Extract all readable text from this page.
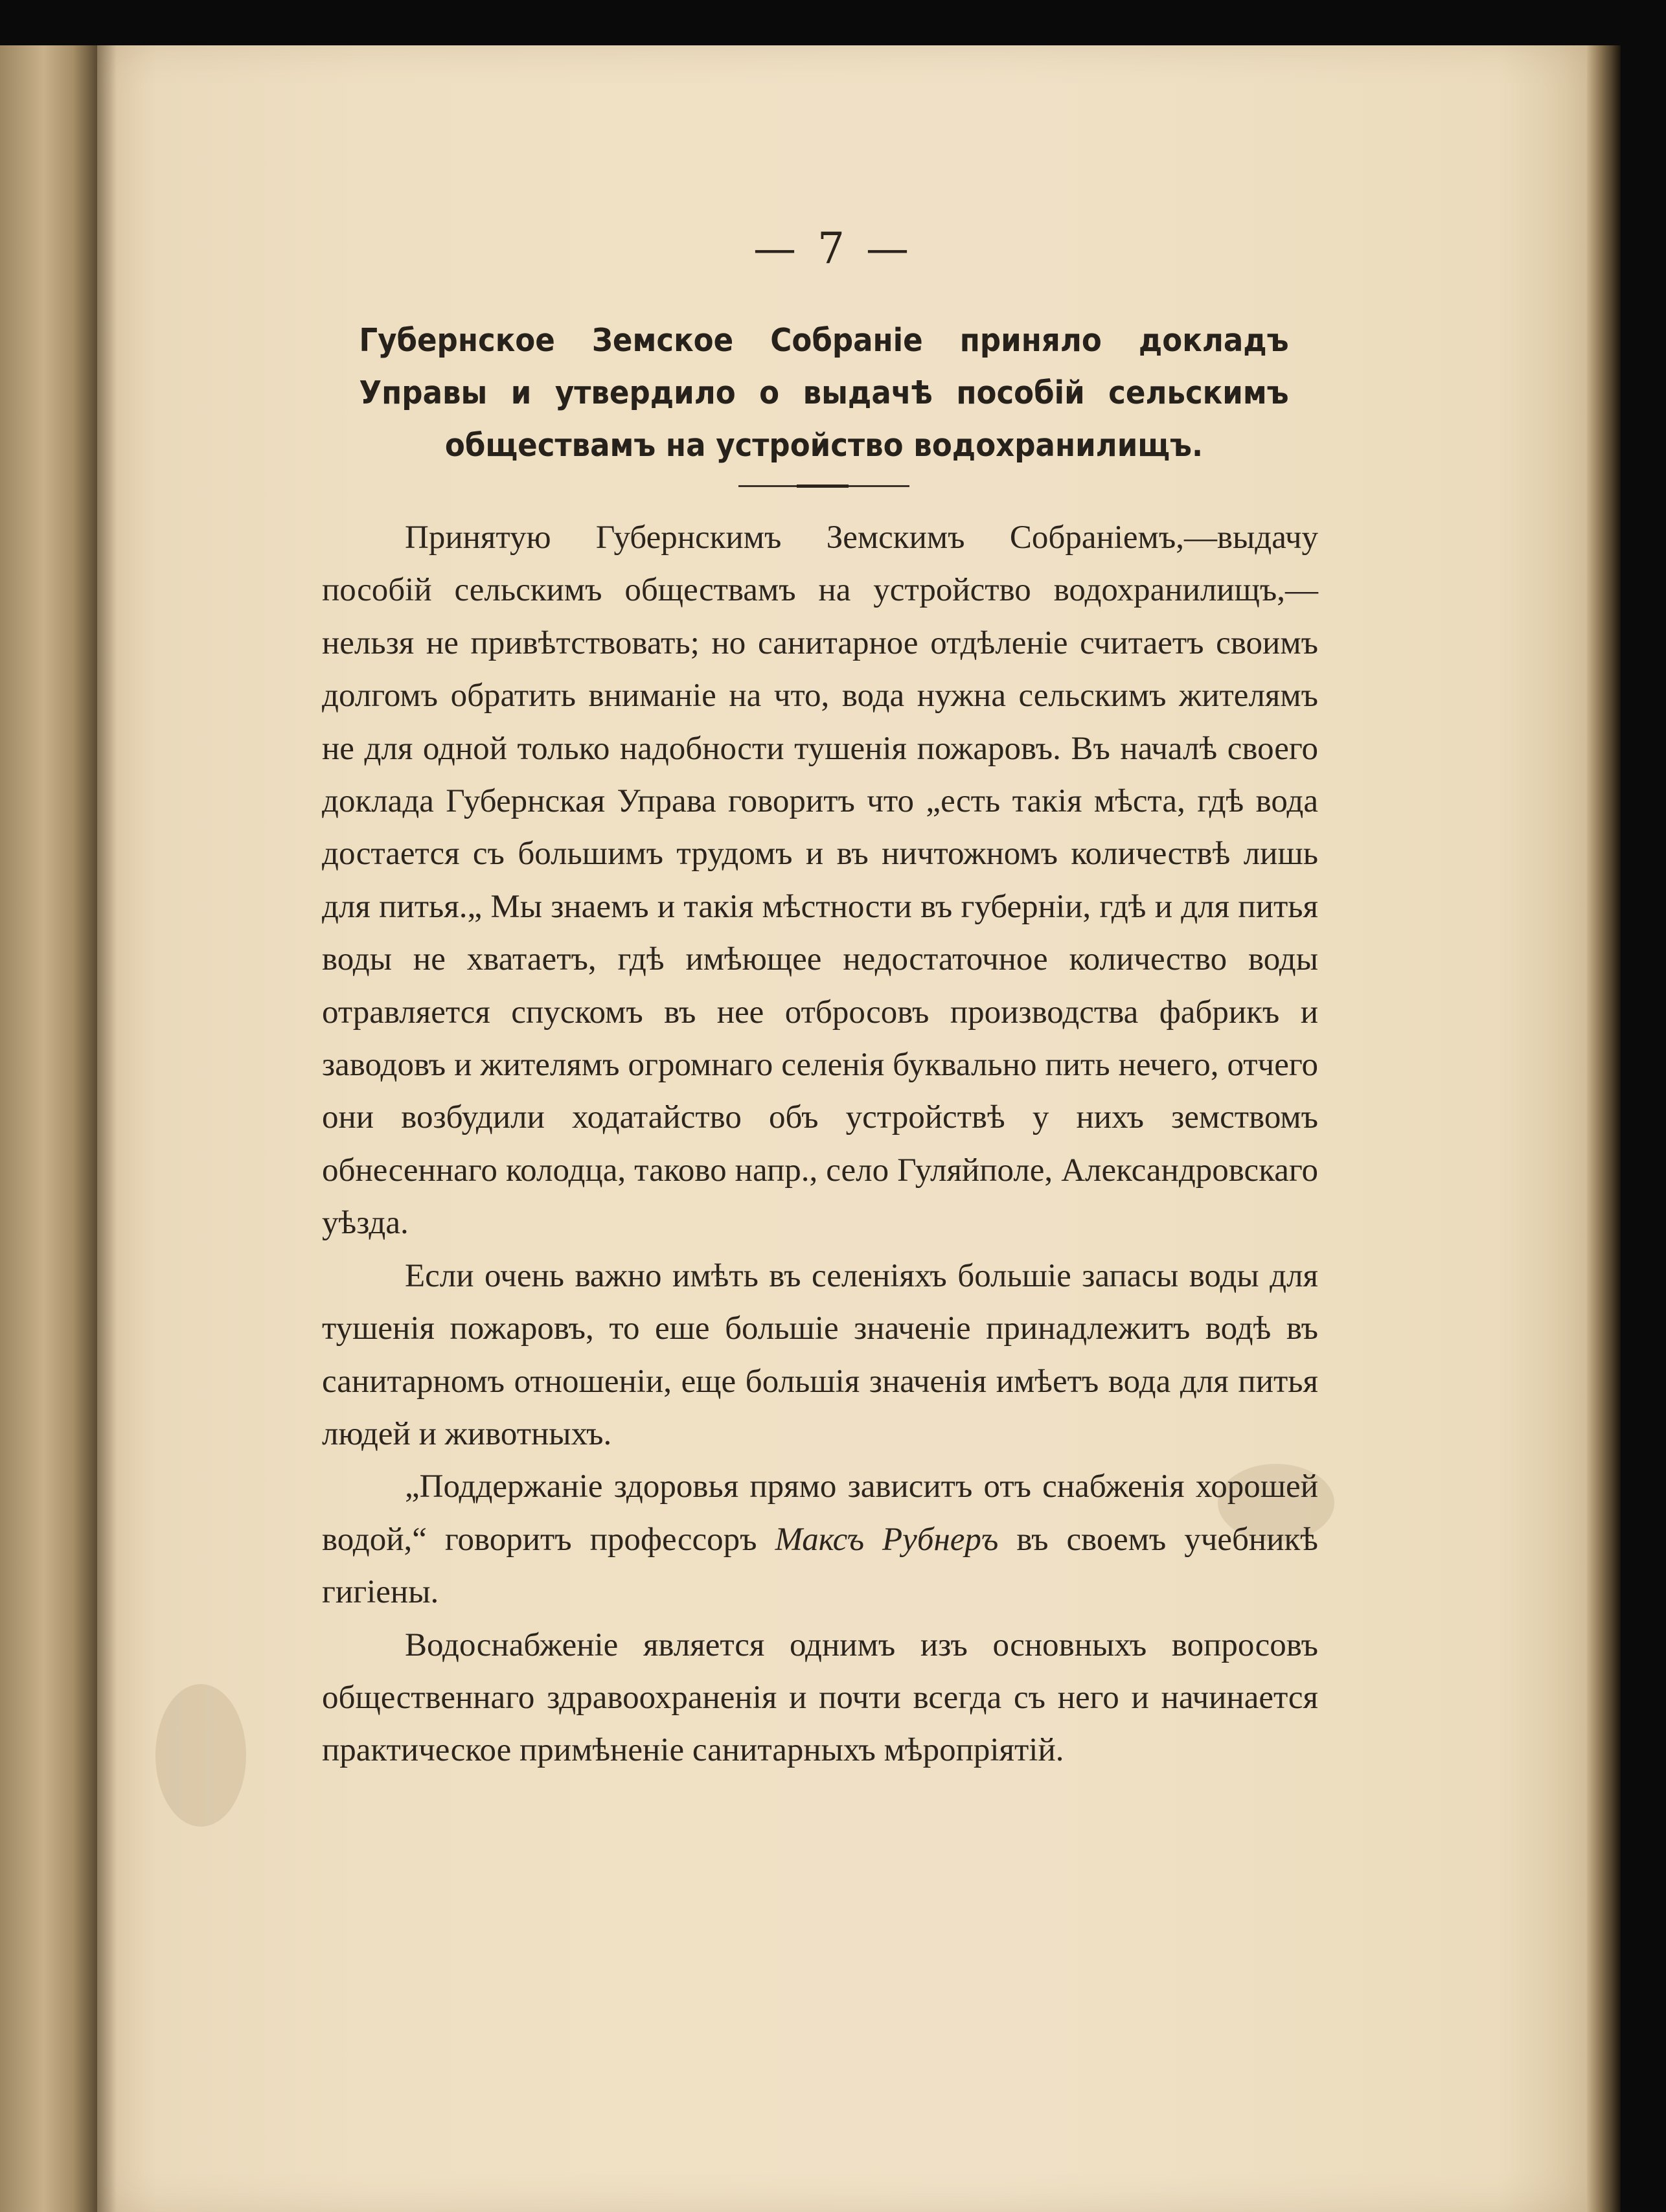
— 7 —
Губернское Земское Собраніе приняло докладъ Управы и утвердило о выдачѣ пособій сельскимъ обществамъ на устройство водохранилищъ.

Принятую Губернскимъ Земскимъ Собраніемъ,—выдачу пособій сельскимъ обществамъ на устройство водохранилищъ,—нельзя не привѣтствовать; но санитарное отдѣленіе считаетъ своимъ долгомъ обратить вниманіе на что, вода нужна сельскимъ жителямъ не для одной только надобности тушенія пожаровъ. Въ началѣ своего доклада Губернская Управа говоритъ что „есть такія мѣста, гдѣ вода достается съ большимъ трудомъ и въ ничтожномъ количествѣ лишь для питья.„ Мы знаемъ и такія мѣстности въ губерніи, гдѣ и для питья воды не хватаетъ, гдѣ имѣющее недостаточное количество воды отравляется спускомъ въ нее отбросовъ производства фабрикъ и заводовъ и жителямъ огромнаго селенія буквально пить нечего, отчего они возбудили ходатайство объ устройствѣ у нихъ земствомъ обнесеннаго колодца, таково напр., село Гуляйполе, Александровскаго уѣзда.

Если очень важно имѣть въ селеніяхъ большіе запасы воды для тушенія пожаровъ, то еше большіе значеніе принадлежитъ водѣ въ санитарномъ отношеніи, еще большія значенія имѣетъ вода для питья людей и животныхъ.

„Поддержаніе здоровья прямо зависитъ отъ снабженія хорошей водой,“ говоритъ профессоръ Максъ Рубнеръ въ своемъ учебникѣ гигіены.

Водоснабженіе является однимъ изъ основныхъ вопросовъ общественнаго здравоохраненія и почти всегда съ него и начинается практическое примѣненіе санитарныхъ мѣропріятій.
